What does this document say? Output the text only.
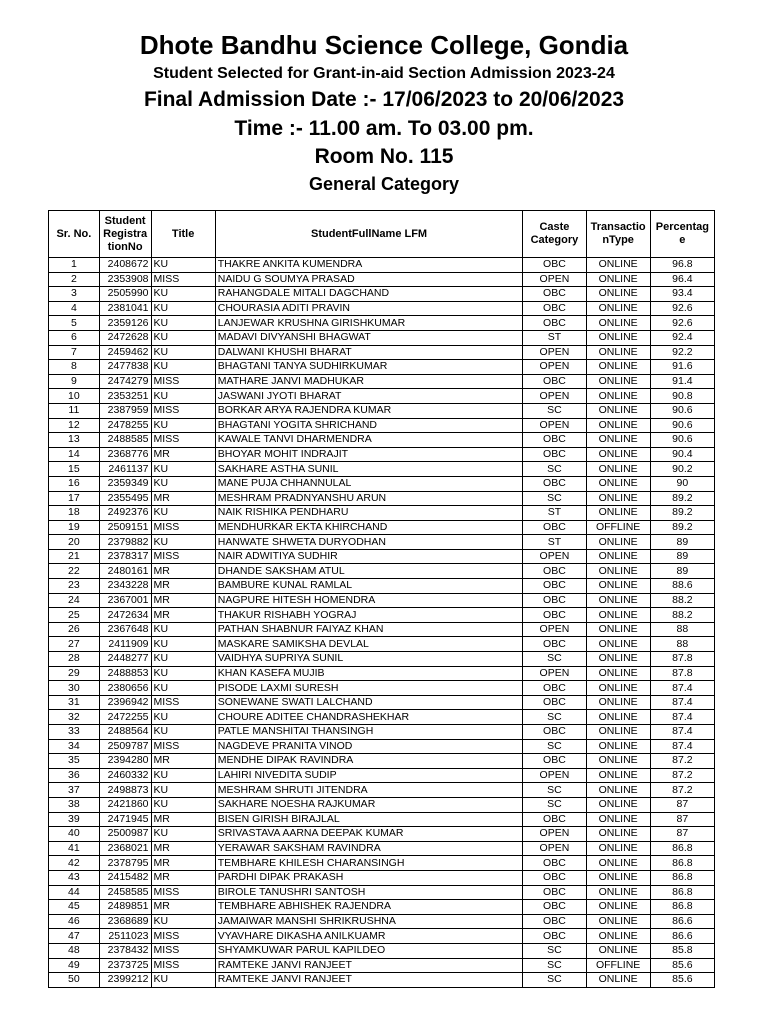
Dhote Bandhu Science College, Gondia
Student Selected for Grant-in-aid Section Admission 2023-24
Final Admission Date :- 17/06/2023 to 20/06/2023
Time :- 11.00 am. To 03.00 pm.
Room No. 115
General Category
Sr. No.	StudentRegistrationNo	Title	StudentFullName LFM	Caste Category	TransactionType	Percentage
1	2408672	KU	THAKRE ANKITA KUMENDRA	OBC	ONLINE	96.8
2	2353908	MISS	NAIDU G SOUMYA PRASAD	OPEN	ONLINE	96.4
3	2505990	KU	RAHANGDALE MITALI DAGCHAND	OBC	ONLINE	93.4
4	2381041	KU	CHOURASIA ADITI PRAVIN	OBC	ONLINE	92.6
5	2359126	KU	LANJEWAR KRUSHNA GIRISHKUMAR	OBC	ONLINE	92.6
6	2472628	KU	MADAVI DIVYANSHI BHAGWAT	ST	ONLINE	92.4
7	2459462	KU	DALWANI KHUSHI BHARAT	OPEN	ONLINE	92.2
8	2477838	KU	BHAGTANI TANYA SUDHIRKUMAR	OPEN	ONLINE	91.6
9	2474279	MISS	MATHARE JANVI MADHUKAR	OBC	ONLINE	91.4
10	2353251	KU	JASWANI JYOTI BHARAT	OPEN	ONLINE	90.8
11	2387959	MISS	BORKAR ARYA RAJENDRA KUMAR	SC	ONLINE	90.6
12	2478255	KU	BHAGTANI YOGITA SHRICHAND	OPEN	ONLINE	90.6
13	2488585	MISS	KAWALE TANVI DHARMENDRA	OBC	ONLINE	90.6
14	2368776	MR	BHOYAR MOHIT INDRAJIT	OBC	ONLINE	90.4
15	2461137	KU	SAKHARE ASTHA SUNIL	SC	ONLINE	90.2
16	2359349	KU	MANE PUJA CHHANNULAL	OBC	ONLINE	90
17	2355495	MR	MESHRAM PRADNYANSHU ARUN	SC	ONLINE	89.2
18	2492376	KU	NAIK RISHIKA PENDHARU	ST	ONLINE	89.2
19	2509151	MISS	MENDHURKAR EKTA KHIRCHAND	OBC	OFFLINE	89.2
20	2379882	KU	HANWATE SHWETA DURYODHAN	ST	ONLINE	89
21	2378317	MISS	NAIR ADWITIYA SUDHIR	OPEN	ONLINE	89
22	2480161	MR	DHANDE SAKSHAM ATUL	OBC	ONLINE	89
23	2343228	MR	BAMBURE KUNAL RAMLAL	OBC	ONLINE	88.6
24	2367001	MR	NAGPURE HITESH HOMENDRA	OBC	ONLINE	88.2
25	2472634	MR	THAKUR RISHABH YOGRAJ	OBC	ONLINE	88.2
26	2367648	KU	PATHAN SHABNUR FAIYAZ KHAN	OPEN	ONLINE	88
27	2411909	KU	MASKARE SAMIKSHA DEVLAL	OBC	ONLINE	88
28	2448277	KU	VAIDHYA SUPRIYA SUNIL	SC	ONLINE	87.8
29	2488853	KU	KHAN KASEFA MUJIB	OPEN	ONLINE	87.8
30	2380656	KU	PISODE LAXMI SURESH	OBC	ONLINE	87.4
31	2396942	MISS	SONEWANE SWATI LALCHAND	OBC	ONLINE	87.4
32	2472255	KU	CHOURE ADITEE CHANDRASHEKHAR	SC	ONLINE	87.4
33	2488564	KU	PATLE MANSHITAI THANSINGH	OBC	ONLINE	87.4
34	2509787	MISS	NAGDEVE PRANITA VINOD	SC	ONLINE	87.4
35	2394280	MR	MENDHE DIPAK RAVINDRA	OBC	ONLINE	87.2
36	2460332	KU	LAHIRI NIVEDITA SUDIP	OPEN	ONLINE	87.2
37	2498873	KU	MESHRAM SHRUTI JITENDRA	SC	ONLINE	87.2
38	2421860	KU	SAKHARE NOESHA RAJKUMAR	SC	ONLINE	87
39	2471945	MR	BISEN GIRISH BIRAJLAL	OBC	ONLINE	87
40	2500987	KU	SRIVASTAVA AARNA DEEPAK KUMAR	OPEN	ONLINE	87
41	2368021	MR	YERAWAR SAKSHAM RAVINDRA	OPEN	ONLINE	86.8
42	2378795	MR	TEMBHARE KHILESH CHARANSINGH	OBC	ONLINE	86.8
43	2415482	MR	PARDHI DIPAK PRAKASH	OBC	ONLINE	86.8
44	2458585	MISS	BIROLE TANUSHRI SANTOSH	OBC	ONLINE	86.8
45	2489851	MR	TEMBHARE ABHISHEK RAJENDRA	OBC	ONLINE	86.8
46	2368689	KU	JAMAIWAR MANSHI SHRIKRUSHNA	OBC	ONLINE	86.6
47	2511023	MISS	VYAVHARE DIKASHA ANILKUAMR	OBC	ONLINE	86.6
48	2378432	MISS	SHYAMKUWAR PARUL KAPILDEO	SC	ONLINE	85.8
49	2373725	MISS	RAMTEKE JANVI RANJEET	SC	OFFLINE	85.6
50	2399212	KU	RAMTEKE JANVI RANJEET	SC	ONLINE	85.6
